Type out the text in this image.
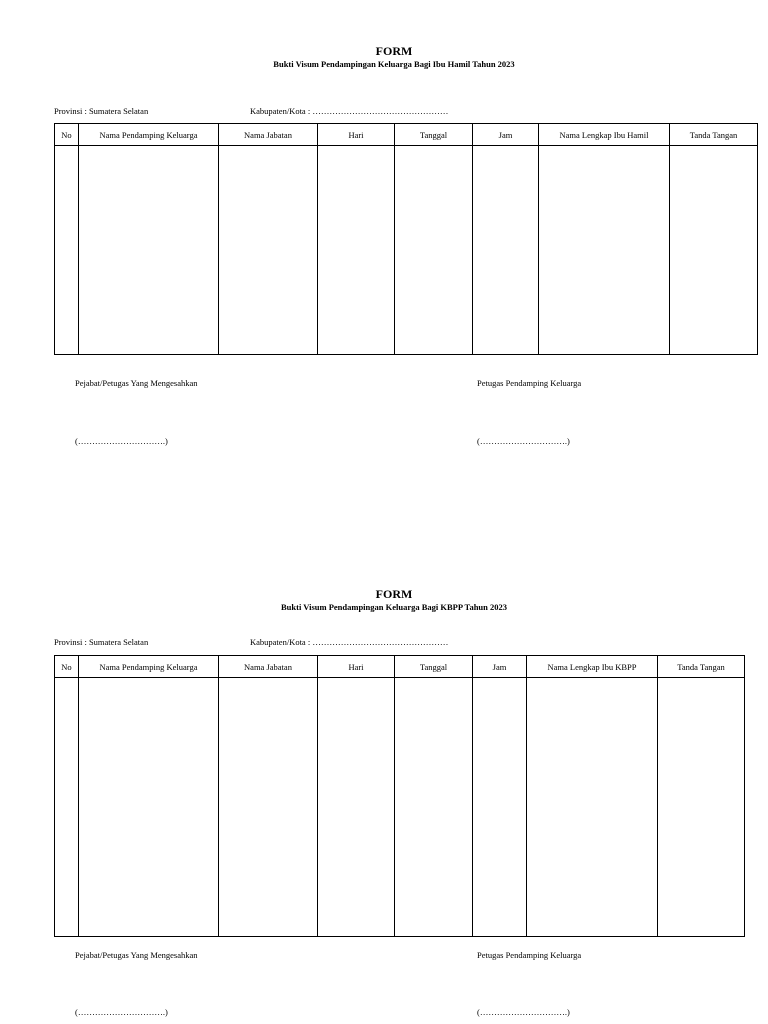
FORM
Bukti Visum Pendampingan Keluarga Bagi Ibu Hamil Tahun 2023
Provinsi : Sumatera Selatan	Kabupaten/Kota : …………………………………………
No	Nama Pendamping Keluarga	Nama Jabatan	Hari	Tanggal	Jam	Nama Lengkap Ibu Hamil	Tanda Tangan

Pejabat/Petugas Yang Mengesahkan	Petugas Pendamping Keluarga
(………………………….)	(………………………….)
FORM
Bukti Visum Pendampingan Keluarga Bagi KBPP Tahun 2023
Provinsi : Sumatera Selatan	Kabupaten/Kota : …………………………………………
No	Nama Pendamping Keluarga	Nama Jabatan	Hari	Tanggal	Jam	Nama Lengkap Ibu KBPP	Tanda Tangan

Pejabat/Petugas Yang Mengesahkan	Petugas Pendamping Keluarga
(………………………….)	(………………………….)
